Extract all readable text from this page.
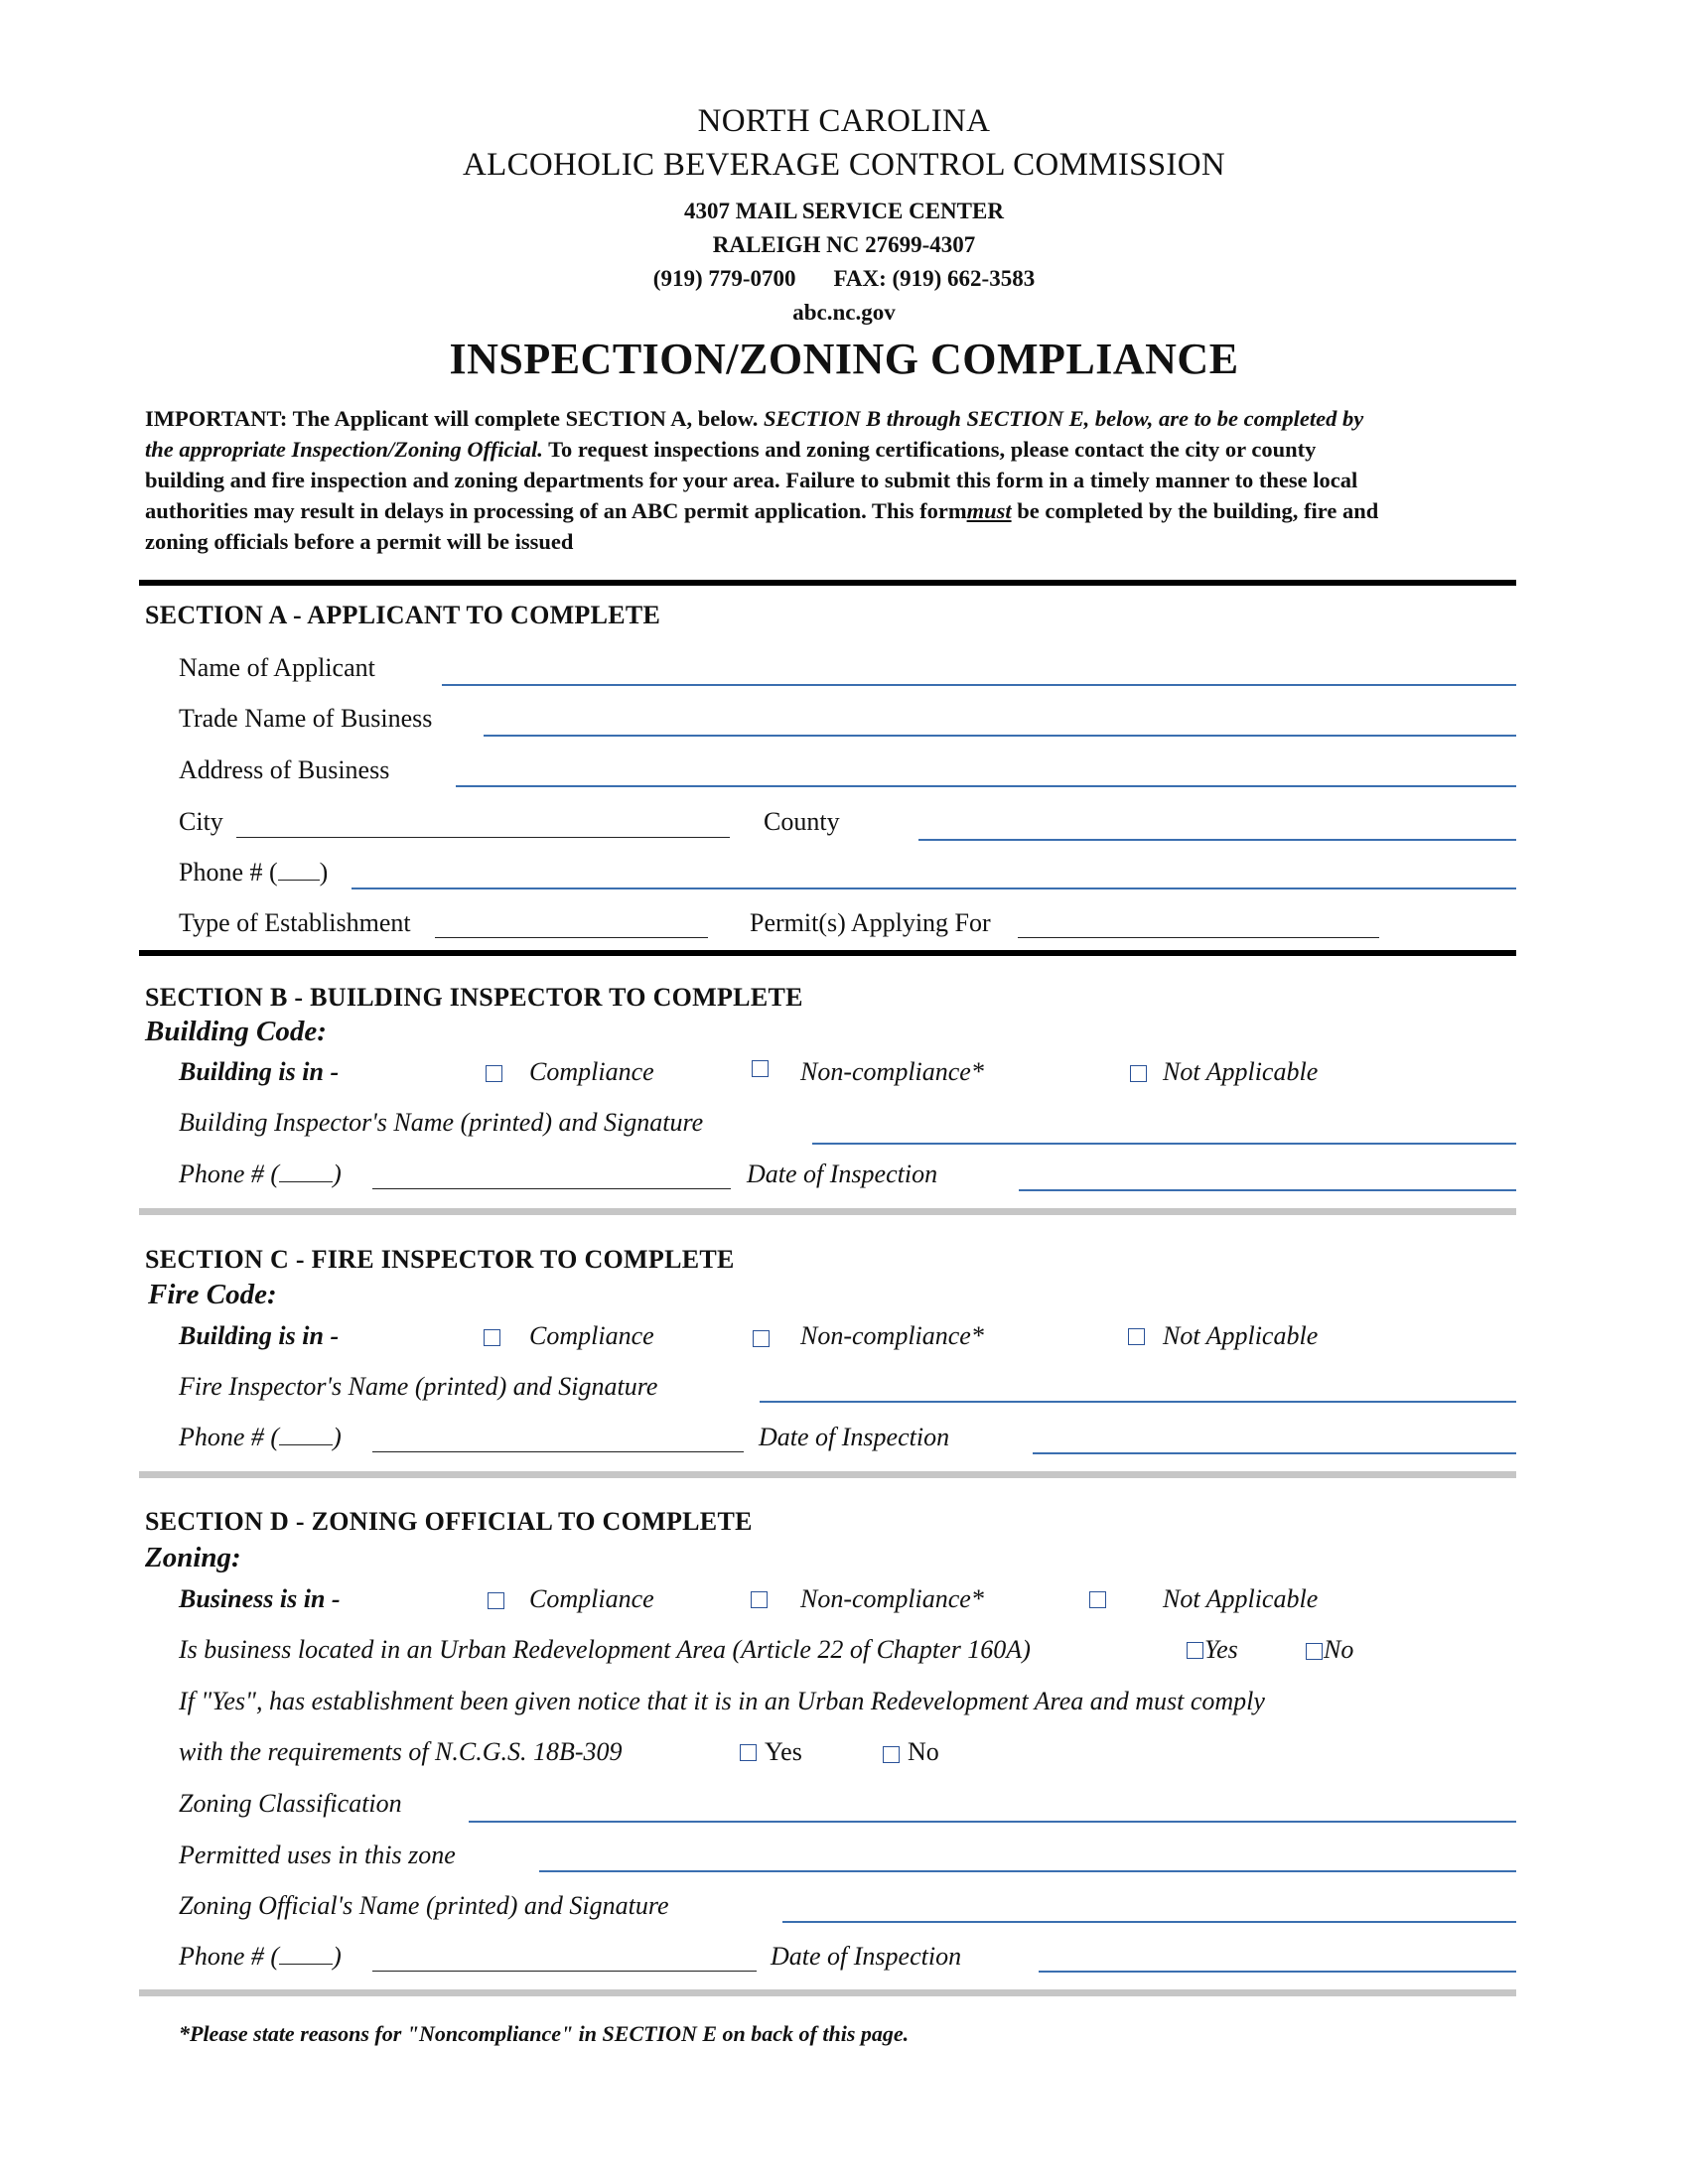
NORTH CAROLINA
ALCOHOLIC BEVERAGE CONTROL COMMISSION
4307 MAIL SERVICE CENTER
RALEIGH NC 27699-4307
(919) 779-0700 FAX: (919) 662-3583
abc.nc.gov
INSPECTION/ZONING COMPLIANCE
IMPORTANT: The Applicant will complete SECTION A, below. SECTION B through SECTION E, below, are to be completed by the appropriate Inspection/Zoning Official. To request inspections and zoning certifications, please contact the city or county building and fire inspection and zoning departments for your area. Failure to submit this form in a timely manner to these local authorities may result in delays in processing of an ABC permit application. This formmust be completed by the building, fire and zoning officials before a permit will be issued
SECTION A - APPLICANT TO COMPLETE
Name of Applicant
Trade Name of Business
Address of Business
City	County
Phone # ( )
Type of Establishment	Permit(s) Applying For
SECTION B - BUILDING INSPECTOR TO COMPLETE
Building Code:
Building is in -	Compliance	Non-compliance*	Not Applicable
Building Inspector's Name (printed) and Signature
Phone # ( )	Date of Inspection
SECTION C - FIRE INSPECTOR TO COMPLETE
Fire Code:
Building is in -	Compliance	Non-compliance*	Not Applicable
Fire Inspector's Name (printed) and Signature
Phone # ( )	Date of Inspection
SECTION D - ZONING OFFICIAL TO COMPLETE
Zoning:
Business is in -	Compliance	Non-compliance*	Not Applicable
Is business located in an Urban Redevelopment Area (Article 22 of Chapter 160A)	Yes	No
If "Yes", has establishment been given notice that it is in an Urban Redevelopment Area and must comply
with the requirements of N.C.G.S. 18B-309	Yes	No
Zoning Classification
Permitted uses in this zone
Zoning Official's Name (printed) and Signature
Phone # ( )	Date of Inspection
*Please state reasons for "Noncompliance" in SECTION E on back of this page.
